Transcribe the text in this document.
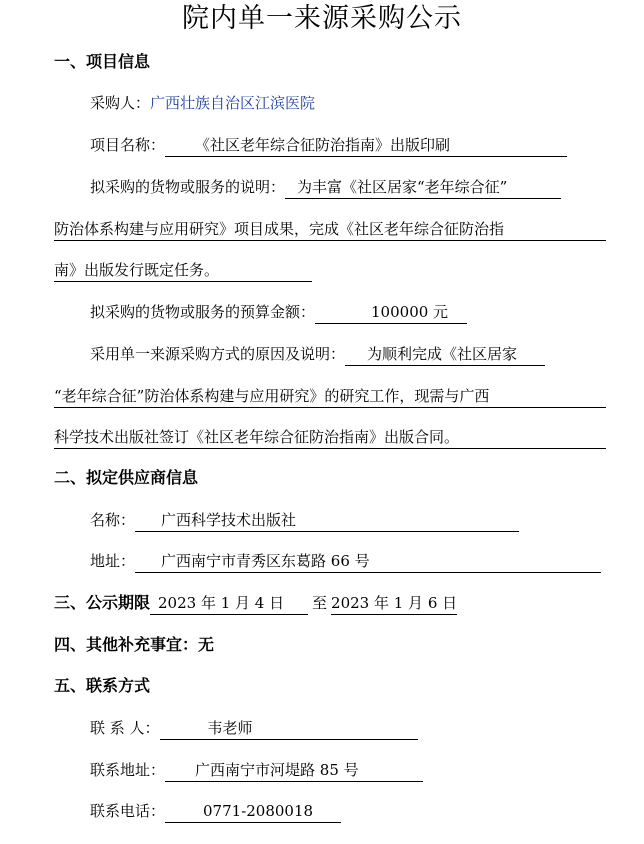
院内单一来源采购公示
一、项目信息
采购人：广西壮族自治区江滨医院
项目名称： 《社区老年综合征防治指南》出版印刷
拟采购的货物或服务的说明： 为丰富《社区居家“老年综合征”
防治体系构建与应用研究》项目成果，完成《社区老年综合征防治指
南》出版发行既定任务。
拟采购的货物或服务的预算金额：	100000 元
采用单一来源采购方式的原因及说明： 为顺利完成《社区居家
“老年综合征”防治体系构建与应用研究》的研究工作，现需与广西
科学技术出版社签订《社区老年综合征防治指南》出版合同。
二、拟定供应商信息
名称： 广西科学技术出版社
地址： 广西南宁市青秀区东葛路 66 号
三、公示期限 2023 年 1 月 4 日 至 2023 年 1 月 6 日
四、其他补充事宜：无
五、联系方式
联 系 人：	韦老师
联系地址： 广西南宁市河堤路 85 号
联系电话：	0771-2080018
